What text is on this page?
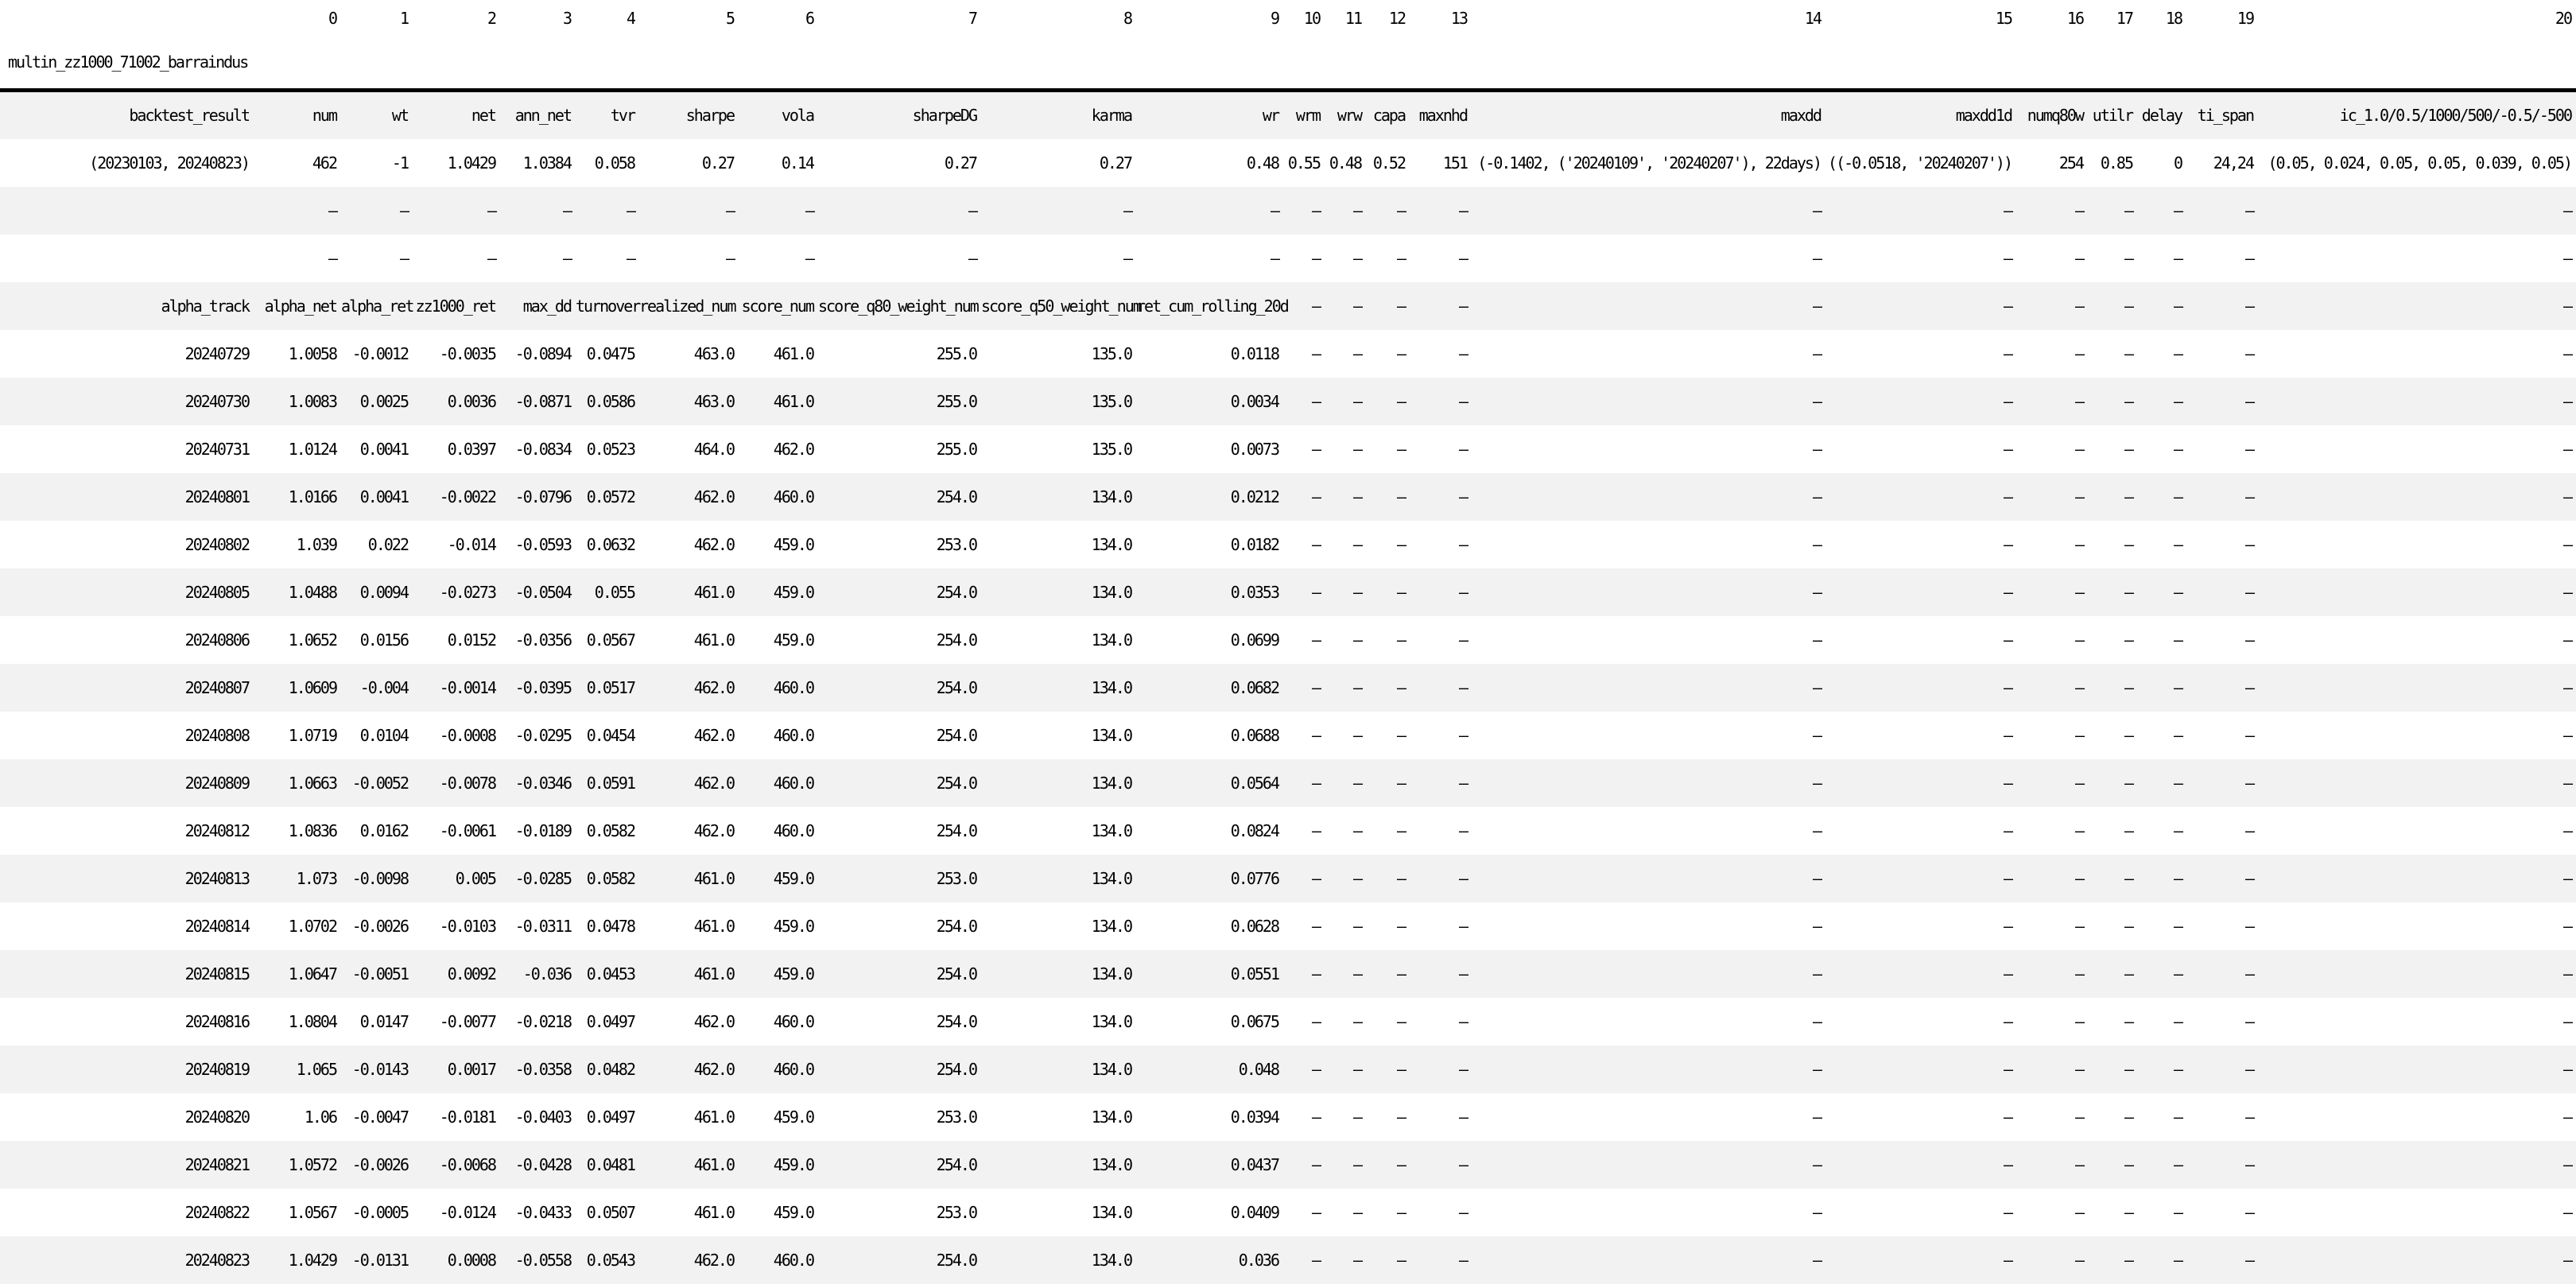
	0	1	2	3	4	5	6	7	8	9	10	11	12	13	14	15	16	17	18	19	20
multin_zz1000_71002_barraindus																					
backtest_result	num	wt	net	ann_net	tvr	sharpe	vola	sharpeDG	karma	wr	wrm	wrw	capa	maxnhd	maxdd	maxdd1d	numq80w	utilr	delay	ti_span	ic_1.0/0.5/1000/500/-0.5/-500
(20230103, 20240823)	462	-1	1.0429	1.0384	0.058	0.27	0.14	0.27	0.27	0.48	0.55	0.48	0.52	151	(-0.1402, ('20240109', '20240207'), 22days)	((-0.0518, '20240207'))	254	0.85	0	24,24	(0.05, 0.024, 0.05, 0.05, 0.039, 0.05)
	—	—	—	—	—	—	—	—	—	—	—	—	—	—	—	—	—	—	—	—	—
	—	—	—	—	—	—	—	—	—	—	—	—	—	—	—	—	—	—	—	—	—
alpha_track	alpha_net	alpha_ret	zz1000_ret	max_dd	turnover	realized_num	score_num	score_q80_weight_num	score_q50_weight_num	ret_cum_rolling_20d	—	—	—	—	—	—	—	—	—	—	—
20240729	1.0058	-0.0012	-0.0035	-0.0894	0.0475	463.0	461.0	255.0	135.0	0.0118	—	—	—	—	—	—	—	—	—	—	—
20240730	1.0083	0.0025	0.0036	-0.0871	0.0586	463.0	461.0	255.0	135.0	0.0034	—	—	—	—	—	—	—	—	—	—	—
20240731	1.0124	0.0041	0.0397	-0.0834	0.0523	464.0	462.0	255.0	135.0	0.0073	—	—	—	—	—	—	—	—	—	—	—
20240801	1.0166	0.0041	-0.0022	-0.0796	0.0572	462.0	460.0	254.0	134.0	0.0212	—	—	—	—	—	—	—	—	—	—	—
20240802	1.039	0.022	-0.014	-0.0593	0.0632	462.0	459.0	253.0	134.0	0.0182	—	—	—	—	—	—	—	—	—	—	—
20240805	1.0488	0.0094	-0.0273	-0.0504	0.055	461.0	459.0	254.0	134.0	0.0353	—	—	—	—	—	—	—	—	—	—	—
20240806	1.0652	0.0156	0.0152	-0.0356	0.0567	461.0	459.0	254.0	134.0	0.0699	—	—	—	—	—	—	—	—	—	—	—
20240807	1.0609	-0.004	-0.0014	-0.0395	0.0517	462.0	460.0	254.0	134.0	0.0682	—	—	—	—	—	—	—	—	—	—	—
20240808	1.0719	0.0104	-0.0008	-0.0295	0.0454	462.0	460.0	254.0	134.0	0.0688	—	—	—	—	—	—	—	—	—	—	—
20240809	1.0663	-0.0052	-0.0078	-0.0346	0.0591	462.0	460.0	254.0	134.0	0.0564	—	—	—	—	—	—	—	—	—	—	—
20240812	1.0836	0.0162	-0.0061	-0.0189	0.0582	462.0	460.0	254.0	134.0	0.0824	—	—	—	—	—	—	—	—	—	—	—
20240813	1.073	-0.0098	0.005	-0.0285	0.0582	461.0	459.0	253.0	134.0	0.0776	—	—	—	—	—	—	—	—	—	—	—
20240814	1.0702	-0.0026	-0.0103	-0.0311	0.0478	461.0	459.0	254.0	134.0	0.0628	—	—	—	—	—	—	—	—	—	—	—
20240815	1.0647	-0.0051	0.0092	-0.036	0.0453	461.0	459.0	254.0	134.0	0.0551	—	—	—	—	—	—	—	—	—	—	—
20240816	1.0804	0.0147	-0.0077	-0.0218	0.0497	462.0	460.0	254.0	134.0	0.0675	—	—	—	—	—	—	—	—	—	—	—
20240819	1.065	-0.0143	0.0017	-0.0358	0.0482	462.0	460.0	254.0	134.0	0.048	—	—	—	—	—	—	—	—	—	—	—
20240820	1.06	-0.0047	-0.0181	-0.0403	0.0497	461.0	459.0	253.0	134.0	0.0394	—	—	—	—	—	—	—	—	—	—	—
20240821	1.0572	-0.0026	-0.0068	-0.0428	0.0481	461.0	459.0	254.0	134.0	0.0437	—	—	—	—	—	—	—	—	—	—	—
20240822	1.0567	-0.0005	-0.0124	-0.0433	0.0507	461.0	459.0	253.0	134.0	0.0409	—	—	—	—	—	—	—	—	—	—	—
20240823	1.0429	-0.0131	0.0008	-0.0558	0.0543	462.0	460.0	254.0	134.0	0.036	—	—	—	—	—	—	—	—	—	—	—
